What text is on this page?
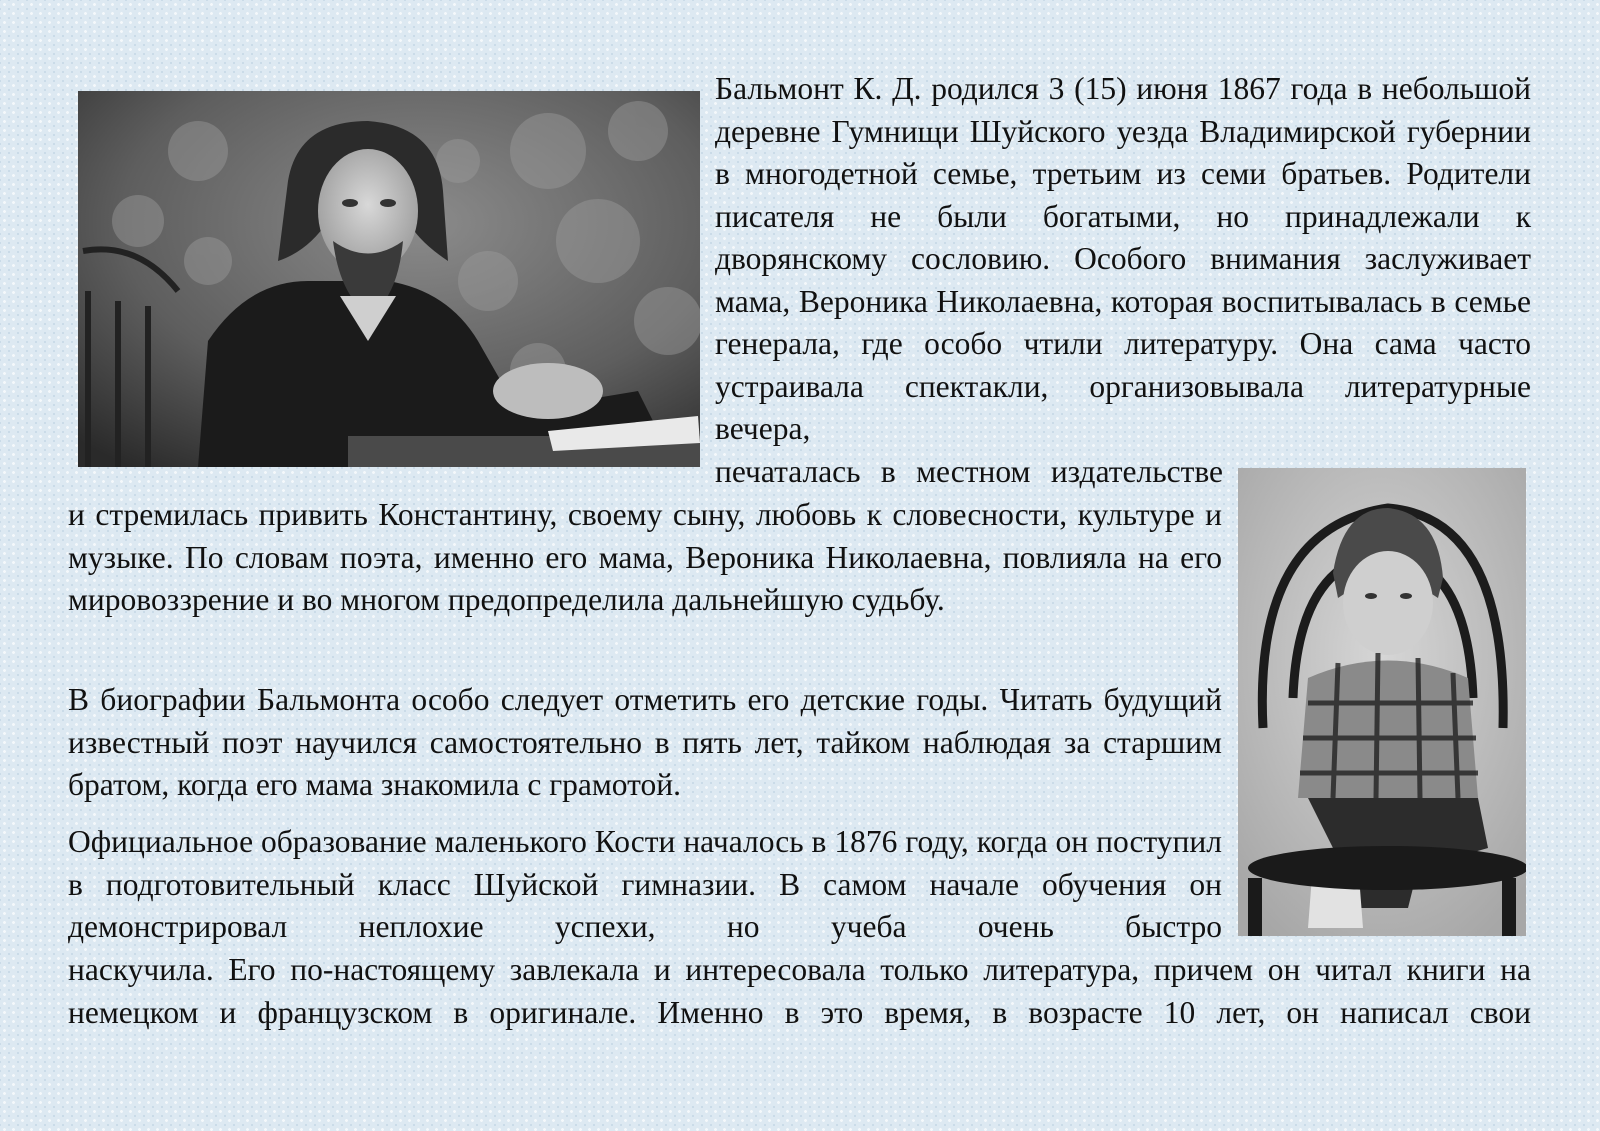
Бальмонт К. Д. родился 3 (15) июня 1867 года в небольшой деревне Гумнищи Шуйского уезда Владимирской губернии в многодетной семье, третьим из семи братьев. Родители писателя не были богатыми, но принадлежали к дворянскому сословию. Особого внимания заслуживает мама, Вероника Николаевна, которая воспитывалась в семье генерала, где особо чтили литературу. Она сама часто устраивала спектакли, организовывала литературные вечера,

печаталась в местном издательстве

и стремилась привить Константину, своему сыну, любовь к словесности, культуре и музыке. По словам поэта, именно его мама, Вероника Николаевна, повлияла на его мировоззрение и во многом предопределила дальнейшую судьбу.

В биографии Бальмонта особо следует отметить его детские годы. Читать будущий известный поэт научился самостоятельно в пять лет, тайком наблюдая за старшим братом, когда его мама знакомила с грамотой.

Официальное образование маленького Кости началось в 1876 году, когда он поступил в подготовительный класс Шуйской гимназии. В самом начале обучения он демонстрировал неплохие успехи, но учеба очень быстро

наскучила. Его по-настоящему завлекала и интересовала только литература, причем он читал книги на немецком и французском в оригинале. Именно в это время, в возрасте 10 лет, он написал свои
